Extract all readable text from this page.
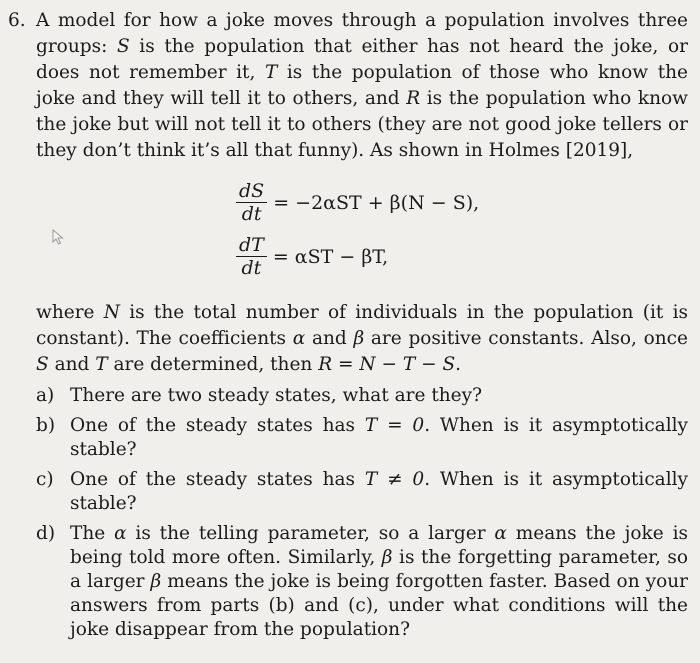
6. A model for how a joke moves through a population involves three groups: S is the population that either has not heard the joke, or does not remember it, T is the population of those who know the joke and they will tell it to others, and R is the population who know the joke but will not tell it to others (they are not good joke tellers or they don’t think it’s all that funny). As shown in Holmes [2019],

$\frac{dS}{dt} = -2\alpha ST + \beta(N - S)$,
$\frac{dT}{dt} = \alpha ST - \beta T$,

where N is the total number of individuals in the population (it is constant). The coefficients α and β are positive constants. Also, once S and T are determined, then R = N − T − S.

a) There are two steady states, what are they?
b) One of the steady states has T = 0. When is it asymptotically stable?
c) One of the steady states has T ≠ 0. When is it asymptotically stable?
d) The α is the telling parameter, so a larger α means the joke is being told more often. Similarly, β is the forgetting parameter, so a larger β means the joke is being forgotten faster. Based on your answers from parts (b) and (c), under what conditions will the joke disappear from the population?
